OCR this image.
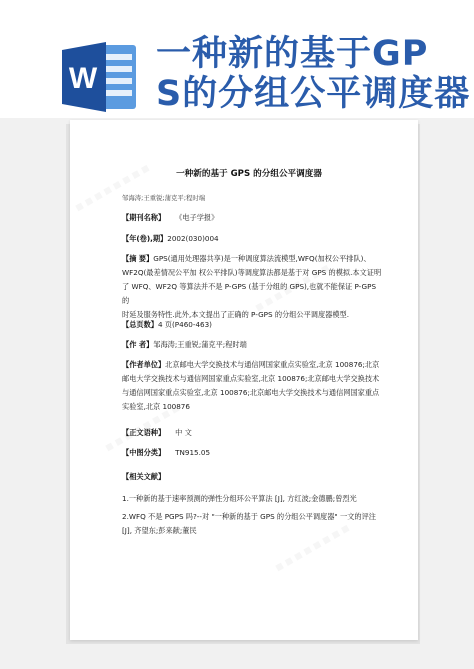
W
一种新的基于GP
S的分组公平调度器
一种新的基于 GPS 的分组公平调度器
邹海涛;王重锐;蒲克平;程时端
【期刊名称】 《电子学报》
【年(卷),期】2002(030)004
【摘 要】GPS(通用处理器共享)是一种调度算法流模型,WFQ(加权公平排队)、
WF2Q(最差情况公平加 权公平排队)等调度算法都是基于对 GPS 的模拟.本文证明
了 WFQ、WF2Q 等算法并不是 P-GPS (基于分组的 GPS),也就不能保证 P-GPS 的
时延及服务特性.此外,本文提出了正确的 P-GPS 的分组公平调度器模型.
【总页数】4 页(P460-463)
【作 者】邹海涛;王重锐;蒲克平;程时端
【作者单位】北京邮电大学交换技术与通信网国家重点实验室,北京 100876;北京
邮电大学交换技术与通信网国家重点实验室,北京 100876;北京邮电大学交换技术
与通信网国家重点实验室,北京 100876;北京邮电大学交换技术与通信网国家重点
实验室,北京 100876
【正文语种】 中 文
【中图分类】 TN915.05
【相关文献】
1.一种新的基于速率预测的弹性分组环公平算法 [J], 方红波;金德鹏;曾烈光
2.WFQ 不是 PGPS 吗?--对 "一种新的基于 GPS 的分组公平调度器" 一文的评注
[J], 齐望东;彭来献;董民
